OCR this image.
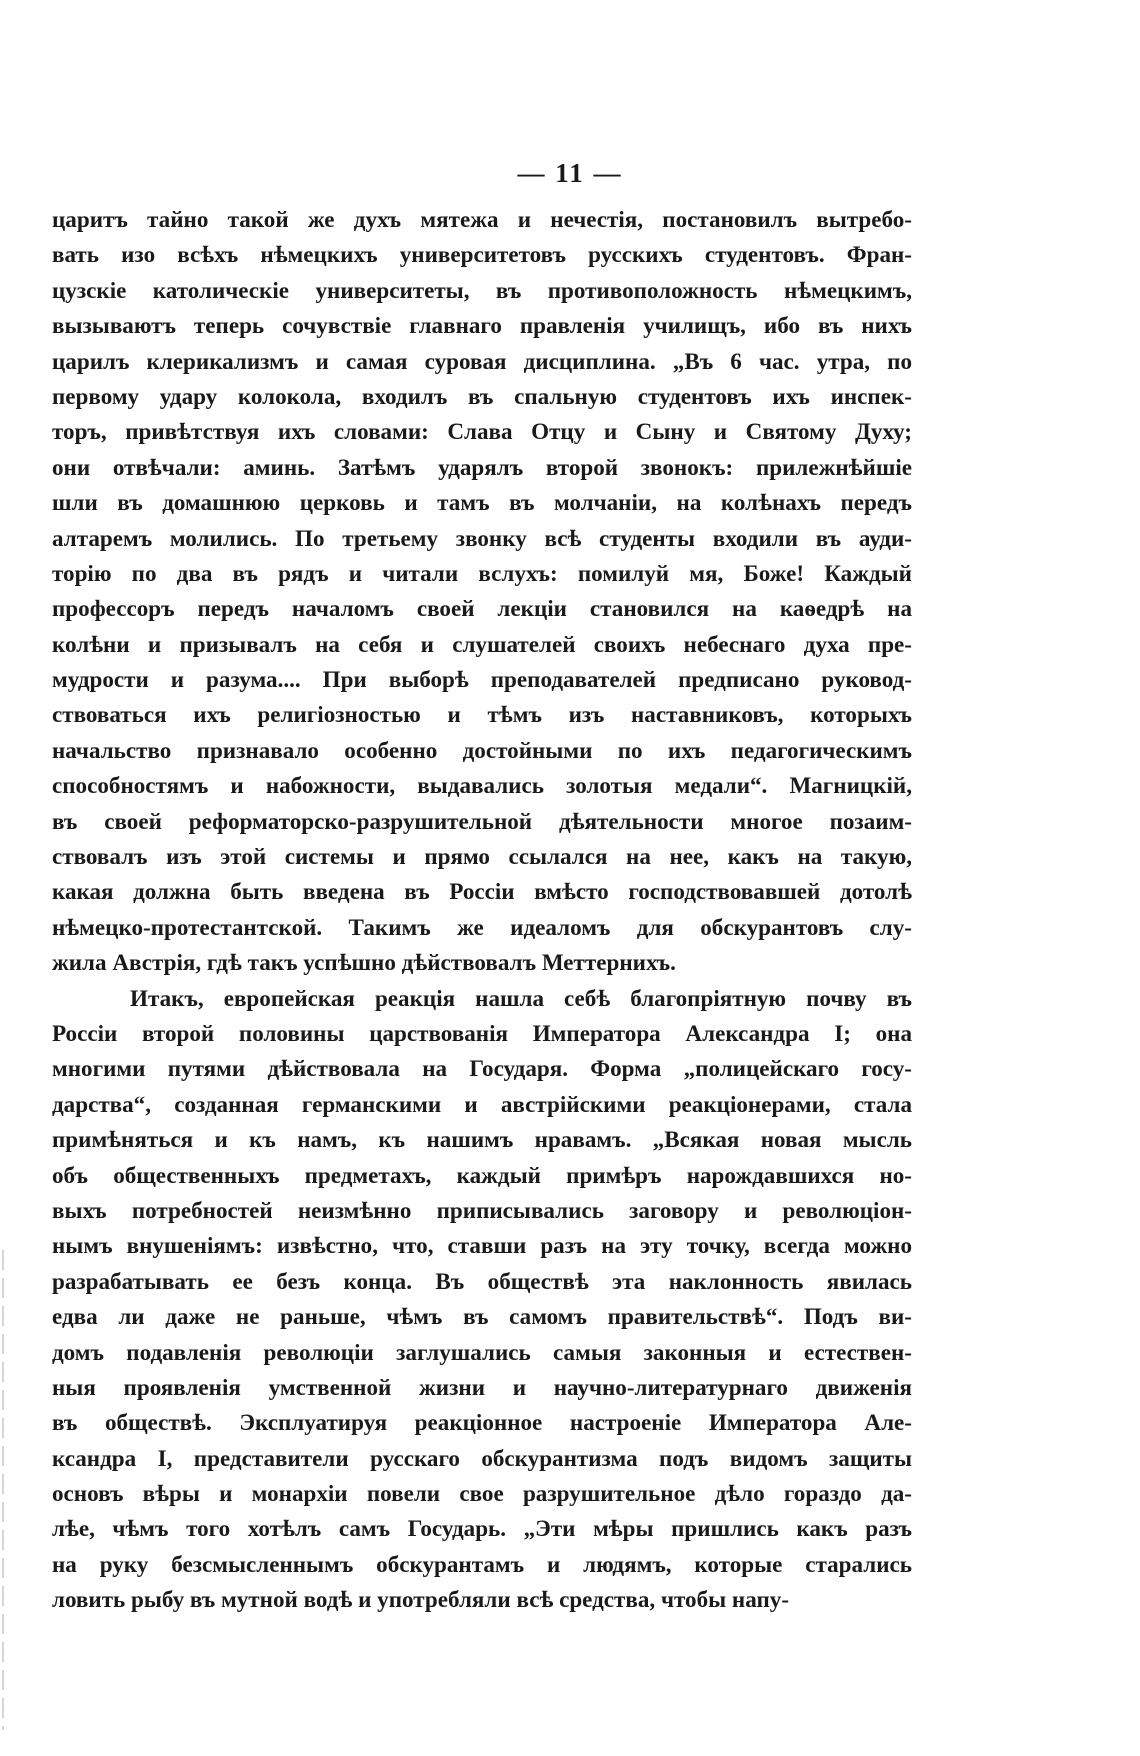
— 11 —
царитъ тайно такой же духъ мятежа и нечестія, постановилъ вытребо-
вать изо всѣхъ нѣмецкихъ университетовъ русскихъ студентовъ. Фран-
цузскіе католическіе университеты, въ противоположность нѣмецкимъ,
вызываютъ теперь сочувствіе главнаго правленія училищъ, ибо въ нихъ
царилъ клерикализмъ и самая суровая дисциплина. „Въ 6 час. утра, по
первому удару колокола, входилъ въ спальную студентовъ ихъ инспек-
торъ, привѣтствуя ихъ словами: Слава Отцу и Сыну и Святому Духу;
они отвѣчали: аминь. Затѣмъ ударялъ второй звонокъ: прилежнѣйшіе
шли въ домашнюю церковь и тамъ въ молчаніи, на колѣнахъ передъ
алтаремъ молились. По третьему звонку всѣ студенты входили въ ауди-
торію по два въ рядъ и читали вслухъ: помилуй мя, Боже! Каждый
профессоръ передъ началомъ своей лекціи становился на каѳедрѣ на
колѣни и призывалъ на себя и слушателей своихъ небеснаго духа пре-
мудрости и разума.... При выборѣ преподавателей предписано руковод-
ствоваться ихъ религіозностью и тѣмъ изъ наставниковъ, которыхъ
начальство признавало особенно достойными по ихъ педагогическимъ
способностямъ и набожности, выдавались золотыя медали“. Магницкій,
въ своей реформаторско-разрушительной дѣятельности многое позаим-
ствовалъ изъ этой системы и прямо ссылался на нее, какъ на такую,
какая должна быть введена въ Россіи вмѣсто господствовавшей дотолѣ
нѣмецко-протестантской. Такимъ же идеаломъ для обскурантовъ слу-
жила Австрія, гдѣ такъ успѣшно дѣйствовалъ Меттернихъ.
Итакъ, европейская реакція нашла себѣ благопріятную почву въ
Россіи второй половины царствованія Императора Александра I; она
многими путями дѣйствовала на Государя. Форма „полицейскаго госу-
дарства“, созданная германскими и австрійскими реакціонерами, стала
примѣняться и къ намъ, къ нашимъ нравамъ. „Всякая новая мысль
объ общественныхъ предметахъ, каждый примѣръ нарождавшихся но-
выхъ потребностей неизмѣнно приписывались заговору и революціон-
нымъ внушеніямъ: извѣстно, что, ставши разъ на эту точку, всегда можно
разрабатывать ее безъ конца. Въ обществѣ эта наклонность явилась
едва ли даже не раньше, чѣмъ въ самомъ правительствѣ“. Подъ ви-
домъ подавленія революціи заглушались самыя законныя и естествен-
ныя проявленія умственной жизни и научно-литературнаго движенія
въ обществѣ. Эксплуатируя реакціонное настроеніе Императора Але-
ксандра I, представители русскаго обскурантизма подъ видомъ защиты
основъ вѣры и монархіи повели свое разрушительное дѣло гораздо да-
лѣе, чѣмъ того хотѣлъ самъ Государь. „Эти мѣры пришлись какъ разъ
на руку безсмысленнымъ обскурантамъ и людямъ, которые старались
ловить рыбу въ мутной водѣ и употребляли всѣ средства, чтобы напу-
